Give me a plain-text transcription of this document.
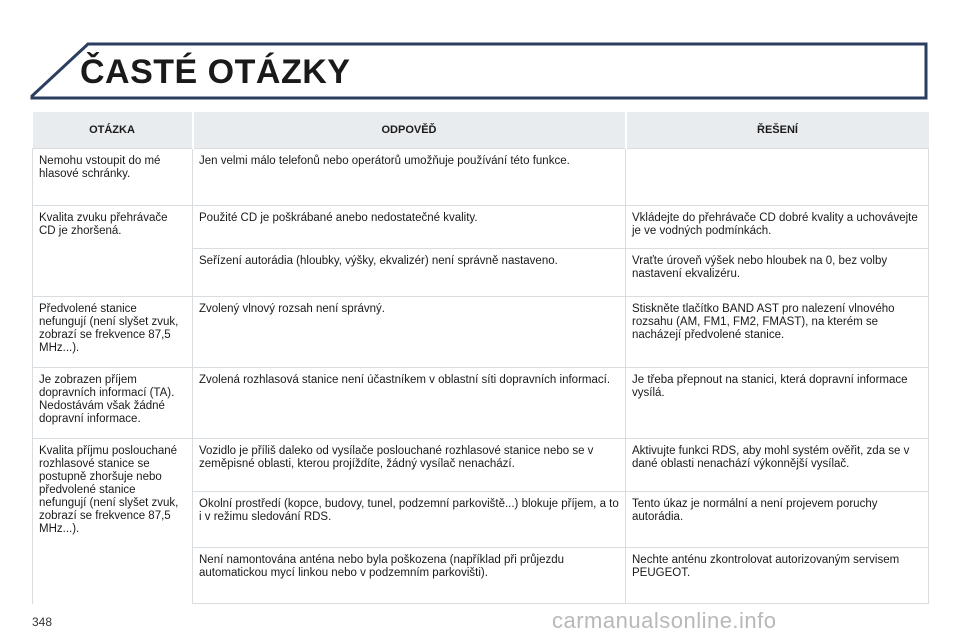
ČASTÉ OTÁZKY
OTÁZKA	ODPOVĚĎ	ŘEŠENÍ
Nemohu vstoupit do mé hlasové schránky.	Jen velmi málo telefonů nebo operátorů umožňuje používání této funkce.	
Kvalita zvuku přehrávače CD je zhoršená.	Použité CD je poškrábané anebo nedostatečné kvality.	Vkládejte do přehrávače CD dobré kvality a uchovávejte je ve vodných podmínkách.
	Seřízení autorádia (hloubky, výšky, ekvalizér) není správně nastaveno.	Vraťte úroveň výšek nebo hloubek na 0, bez volby nastavení ekvalizéru.
Předvolené stanice nefungují (není slyšet zvuk, zobrazí se frekvence 87,5 MHz...).	Zvolený vlnový rozsah není správný.	Stiskněte tlačítko BAND AST pro nalezení vlnového rozsahu (AM, FM1, FM2, FMAST), na kterém se nacházejí předvolené stanice.
Je zobrazen příjem dopravních informací (TA). Nedostávám však žádné dopravní informace.	Zvolená rozhlasová stanice není účastníkem v oblastní síti dopravních informací.	Je třeba přepnout na stanici, která dopravní informace vysílá.
Kvalita příjmu poslouchané rozhlasové stanice se postupně zhoršuje nebo předvolené stanice nefungují (není slyšet zvuk, zobrazí se frekvence 87,5 MHz...).	Vozidlo je příliš daleko od vysílače poslouchané rozhlasové stanice nebo se v zeměpisné oblasti, kterou projíždíte, žádný vysílač nenachází.	Aktivujte funkci RDS, aby mohl systém ověřit, zda se v dané oblasti nenachází výkonnější vysílač.
	Okolní prostředí (kopce, budovy, tunel, podzemní parkoviště...) blokuje příjem, a to i v režimu sledování RDS.	Tento úkaz je normální a není projevem poruchy autorádia.
	Není namontována anténa nebo byla poškozena (například při průjezdu automatickou mycí linkou nebo v podzemním parkovišti).	Nechte anténu zkontrolovat autorizovaným servisem PEUGEOT.
348	carmanualsonline.info
